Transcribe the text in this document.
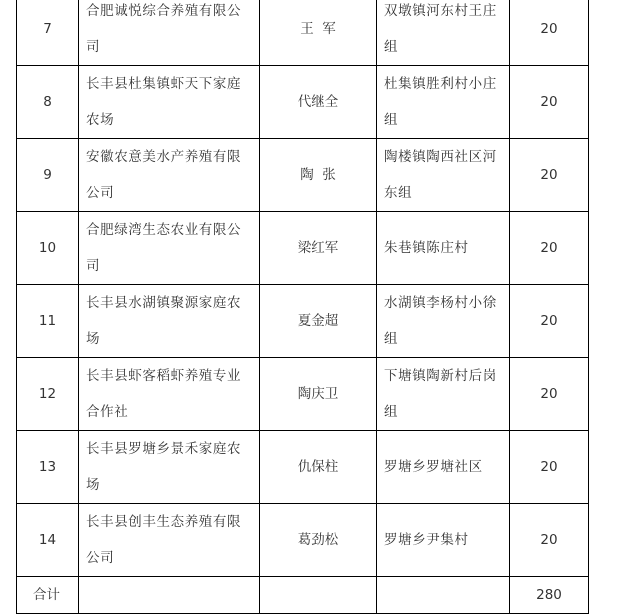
7	合肥诚悦综合养殖有限公司	王  军	双墩镇河东村王庄组	20
8	长丰县杜集镇虾天下家庭农场	代继全	杜集镇胜利村小庄组	20
9	安徽农意美水产养殖有限公司	陶  张	陶楼镇陶西社区河东组	20
10	合肥绿湾生态农业有限公司	梁红军	朱巷镇陈庄村	20
11	长丰县水湖镇聚源家庭农场	夏金超	水湖镇李杨村小徐组	20
12	长丰县虾客稻虾养殖专业合作社	陶庆卫	下塘镇陶新村后岗组	20
13	长丰县罗塘乡景禾家庭农场	仇保柱	罗塘乡罗塘社区	20
14	长丰县创丰生态养殖有限公司	葛劲松	罗塘乡尹集村	20
合计				280
